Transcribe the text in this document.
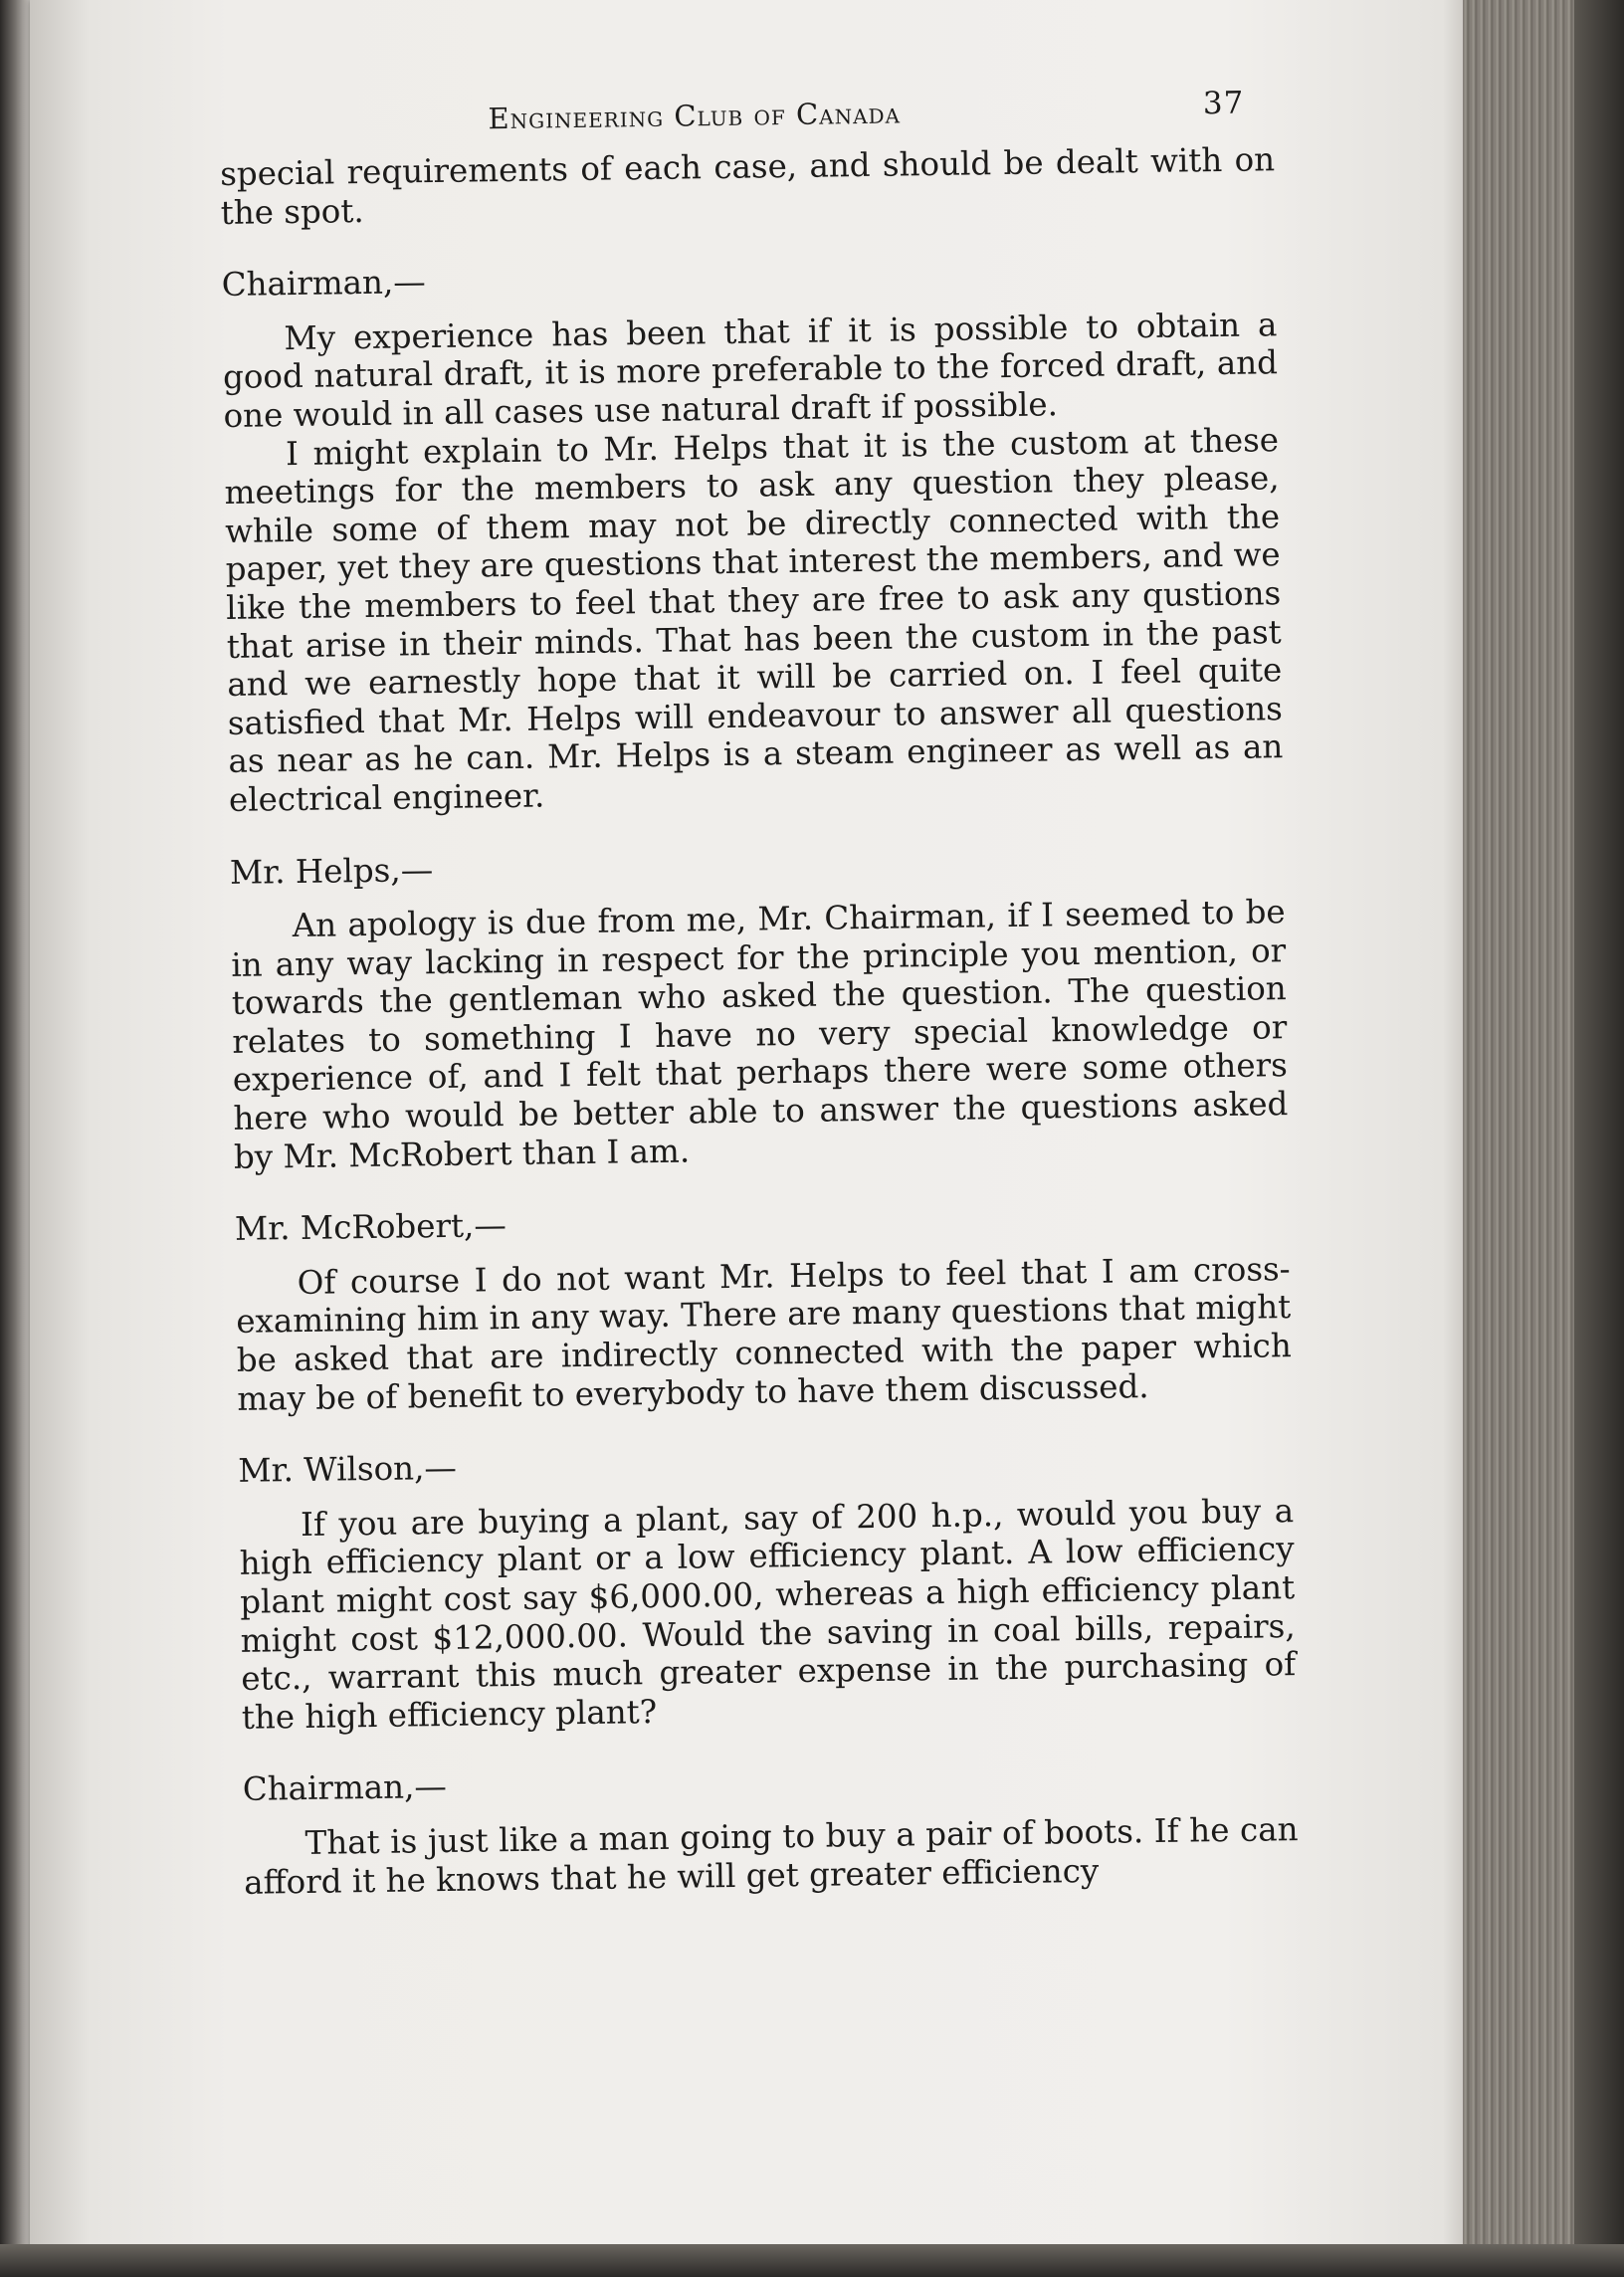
Engineering Club of Canada	37

special requirements of each case, and should be dealt with on the spot.

Chairman,—

My experience has been that if it is possible to obtain a good natural draft, it is more preferable to the forced draft, and one would in all cases use natural draft if possible.

I might explain to Mr. Helps that it is the custom at these meetings for the members to ask any question they please, while some of them may not be directly connected with the paper, yet they are questions that interest the members, and we like the members to feel that they are free to ask any qustions that arise in their minds. That has been the custom in the past and we earnestly hope that it will be carried on. I feel quite satisfied that Mr. Helps will endeavour to answer all questions as near as he can. Mr. Helps is a steam engineer as well as an electrical engineer.

Mr. Helps,—

An apology is due from me, Mr. Chairman, if I seemed to be in any way lacking in respect for the principle you mention, or towards the gentleman who asked the question. The question relates to something I have no very special knowledge or experience of, and I felt that perhaps there were some others here who would be better able to answer the questions asked by Mr. McRobert than I am.

Mr. McRobert,—

Of course I do not want Mr. Helps to feel that I am cross-examining him in any way. There are many questions that might be asked that are indirectly connected with the paper which may be of benefit to everybody to have them discussed.

Mr. Wilson,—

If you are buying a plant, say of 200 h.p., would you buy a high efficiency plant or a low efficiency plant. A low efficiency plant might cost say $6,000.00, whereas a high efficiency plant might cost $12,000.00. Would the saving in coal bills, repairs, etc., warrant this much greater expense in the purchasing of the high efficiency plant?

Chairman,—

That is just like a man going to buy a pair of boots. If he can afford it he knows that he will get greater efficiency
